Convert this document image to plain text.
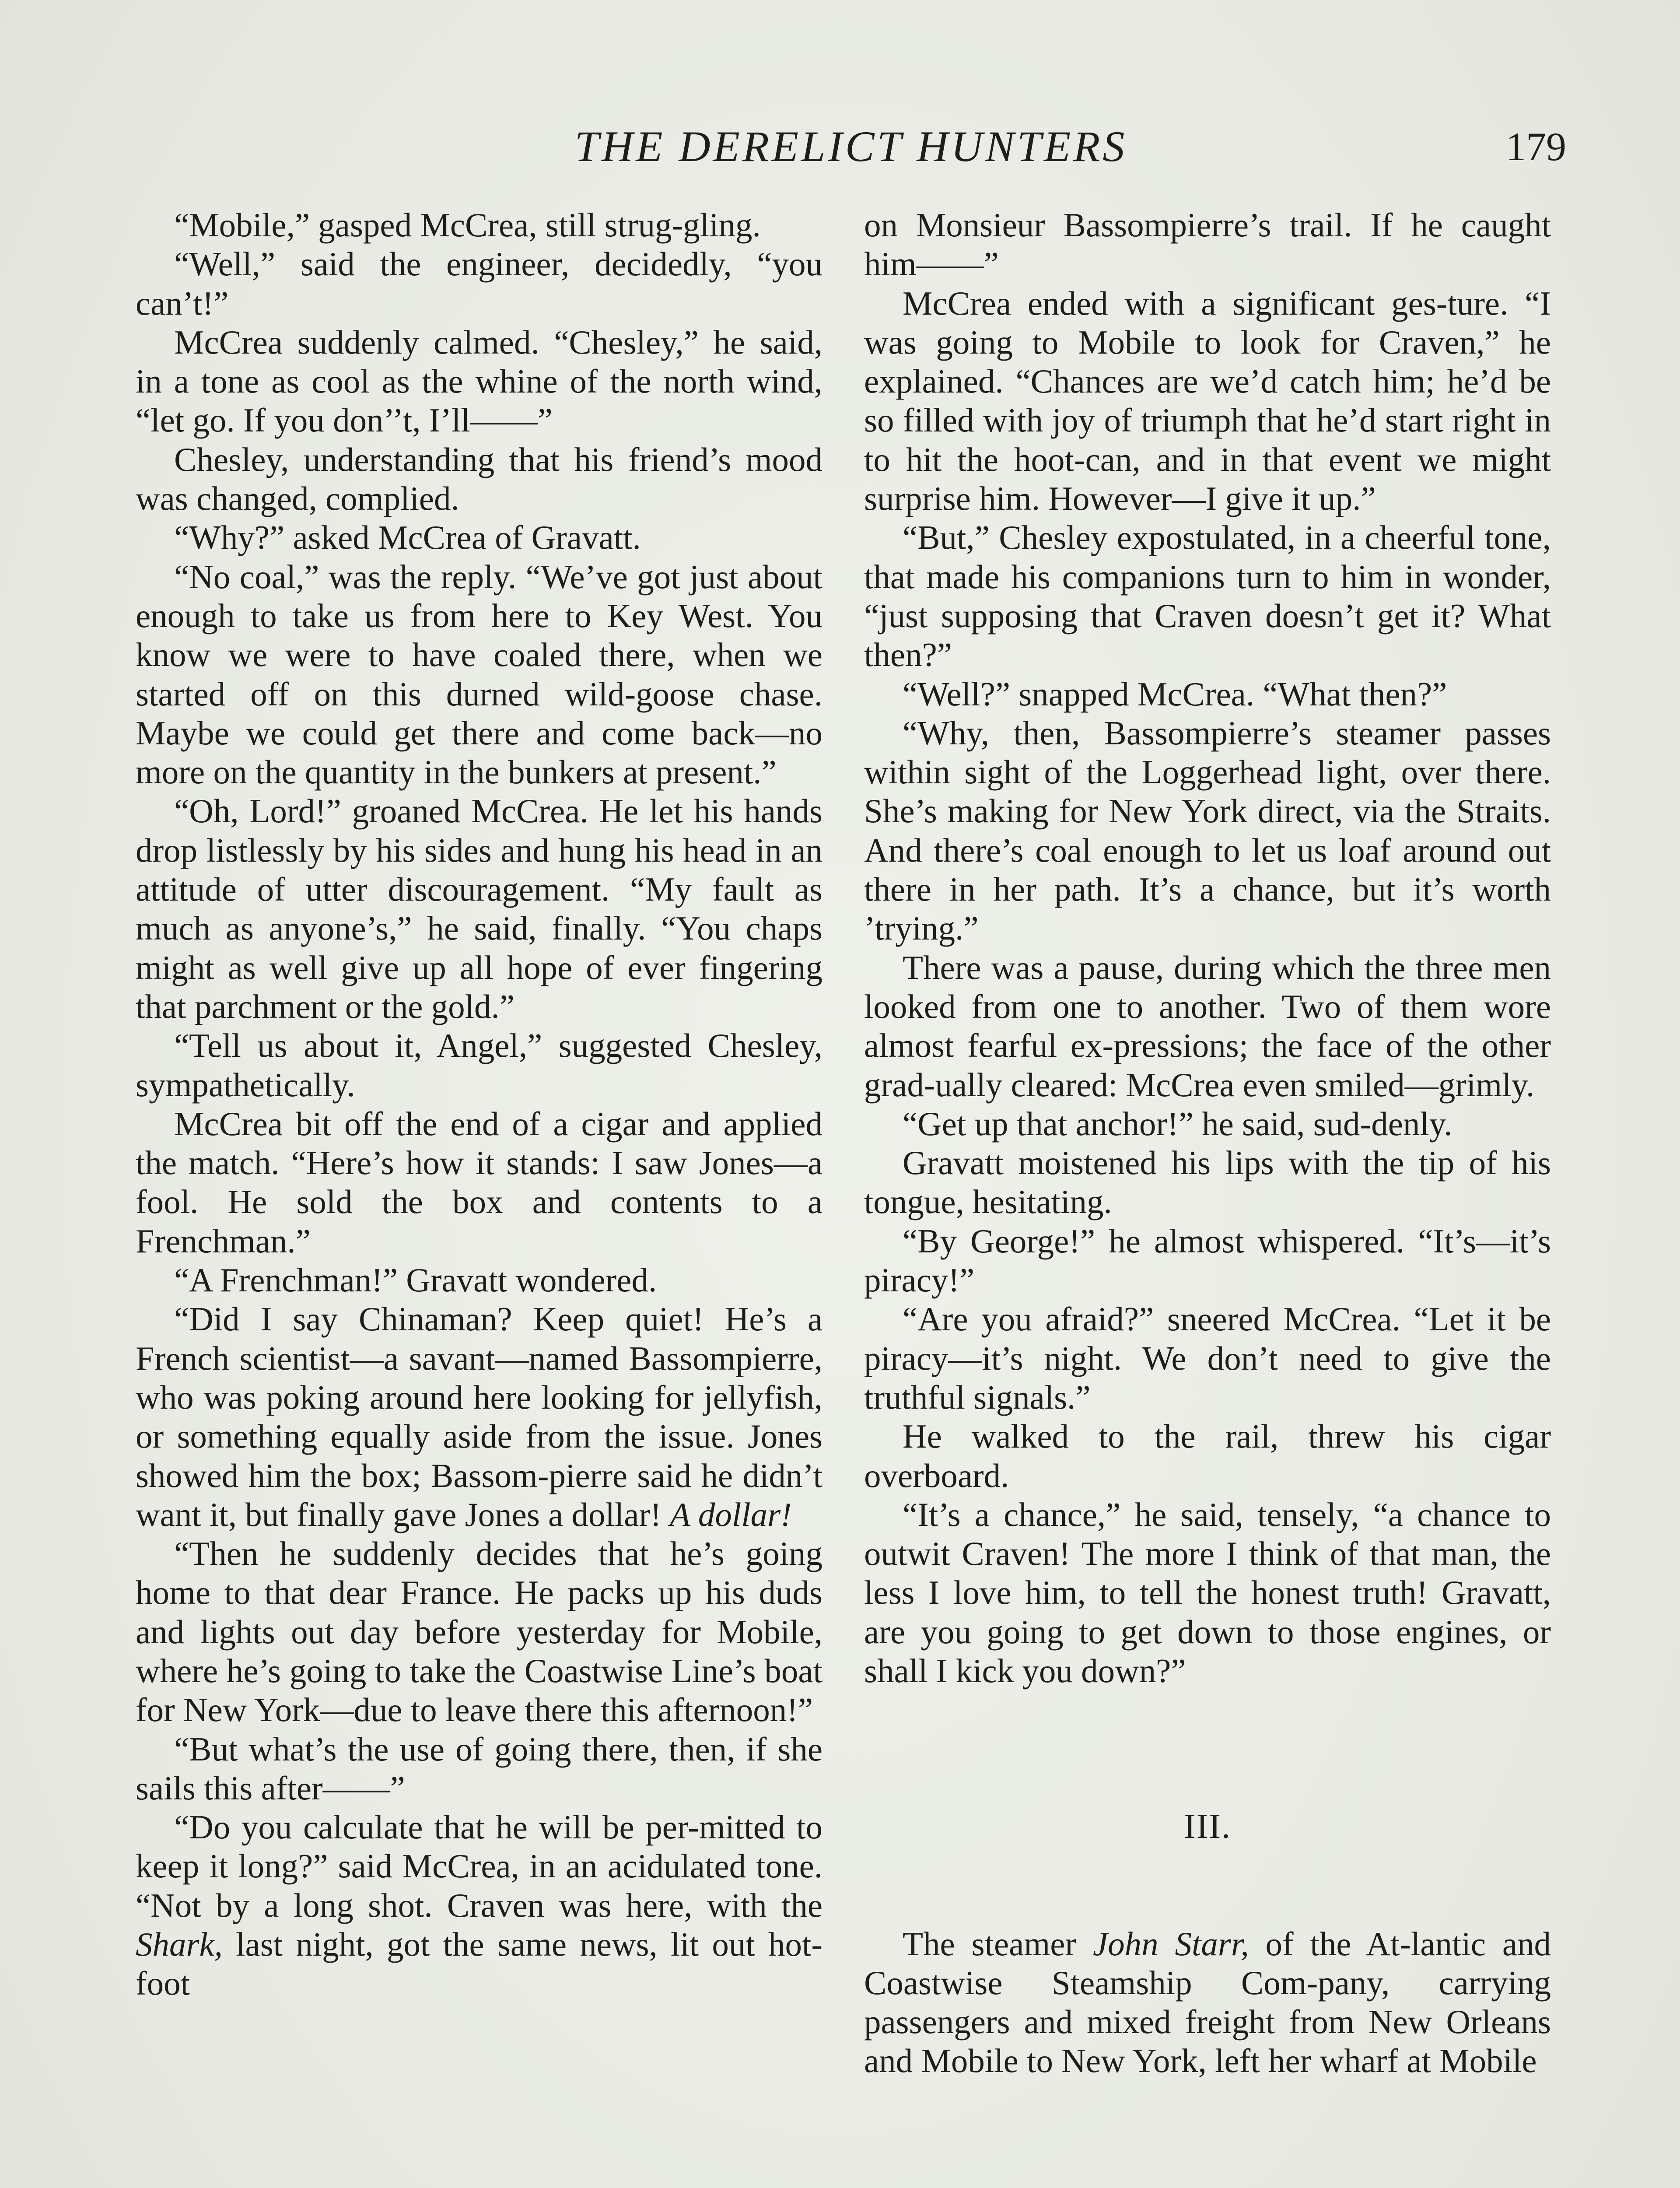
THE DERELICT HUNTERS	179

“Mobile,” gasped McCrea, still strug-gling.

“Well,” said the engineer, decidedly, “you can’t!”

McCrea suddenly calmed. “Chesley,” he said, in a tone as cool as the whine of the north wind, “let go. If you don’’t, I’ll——”

Chesley, understanding that his friend’s mood was changed, complied.

“Why?” asked McCrea of Gravatt.

“No coal,” was the reply. “We’ve got just about enough to take us from here to Key West. You know we were to have coaled there, when we started off on this durned wild-goose chase. Maybe we could get there and come back—no more on the quantity in the bunkers at present.”

“Oh, Lord!” groaned McCrea. He let his hands drop listlessly by his sides and hung his head in an attitude of utter discouragement. “My fault as much as anyone’s,” he said, finally. “You chaps might as well give up all hope of ever fingering that parchment or the gold.”

“Tell us about it, Angel,” suggested Chesley, sympathetically.

McCrea bit off the end of a cigar and applied the match. “Here’s how it stands: I saw Jones—a fool. He sold the box and contents to a Frenchman.”

“A Frenchman!” Gravatt wondered.

“Did I say Chinaman? Keep quiet! He’s a French scientist—a savant—named Bassompierre, who was poking around here looking for jellyfish, or something equally aside from the issue. Jones showed him the box; Bassom-pierre said he didn’t want it, but finally gave Jones a dollar! A dollar!

“Then he suddenly decides that he’s going home to that dear France. He packs up his duds and lights out day before yesterday for Mobile, where he’s going to take the Coastwise Line’s boat for New York—due to leave there this afternoon!”

“But what’s the use of going there, then, if she sails this after——”

“Do you calculate that he will be per-mitted to keep it long?” said McCrea, in an acidulated tone. “Not by a long shot. Craven was here, with the Shark, last night, got the same news, lit out hot-foot

on Monsieur Bassompierre’s trail. If he caught him——”

McCrea ended with a significant ges-ture. “I was going to Mobile to look for Craven,” he explained. “Chances are we’d catch him; he’d be so filled with joy of triumph that he’d start right in to hit the hoot-can, and in that event we might surprise him. However—I give it up.”

“But,” Chesley expostulated, in a cheerful tone, that made his companions turn to him in wonder, “just supposing that Craven doesn’t get it? What then?”

“Well?” snapped McCrea. “What then?”

“Why, then, Bassompierre’s steamer passes within sight of the Loggerhead light, over there. She’s making for New York direct, via the Straits. And there’s coal enough to let us loaf around out there in her path. It’s a chance, but it’s worth ’trying.”

There was a pause, during which the three men looked from one to another. Two of them wore almost fearful ex-pressions; the face of the other grad-ually cleared: McCrea even smiled—grimly.

“Get up that anchor!” he said, sud-denly.

Gravatt moistened his lips with the tip of his tongue, hesitating.

“By George!” he almost whispered. “It’s—it’s piracy!”

“Are you afraid?” sneered McCrea. “Let it be piracy—it’s night. We don’t need to give the truthful signals.”

He walked to the rail, threw his cigar overboard.

“It’s a chance,” he said, tensely, “a chance to outwit Craven! The more I think of that man, the less I love him, to tell the honest truth! Gravatt, are you going to get down to those engines, or shall I kick you down?”

III.

The steamer John Starr, of the At-lantic and Coastwise Steamship Com-pany, carrying passengers and mixed freight from New Orleans and Mobile to New York, left her wharf at Mobile
